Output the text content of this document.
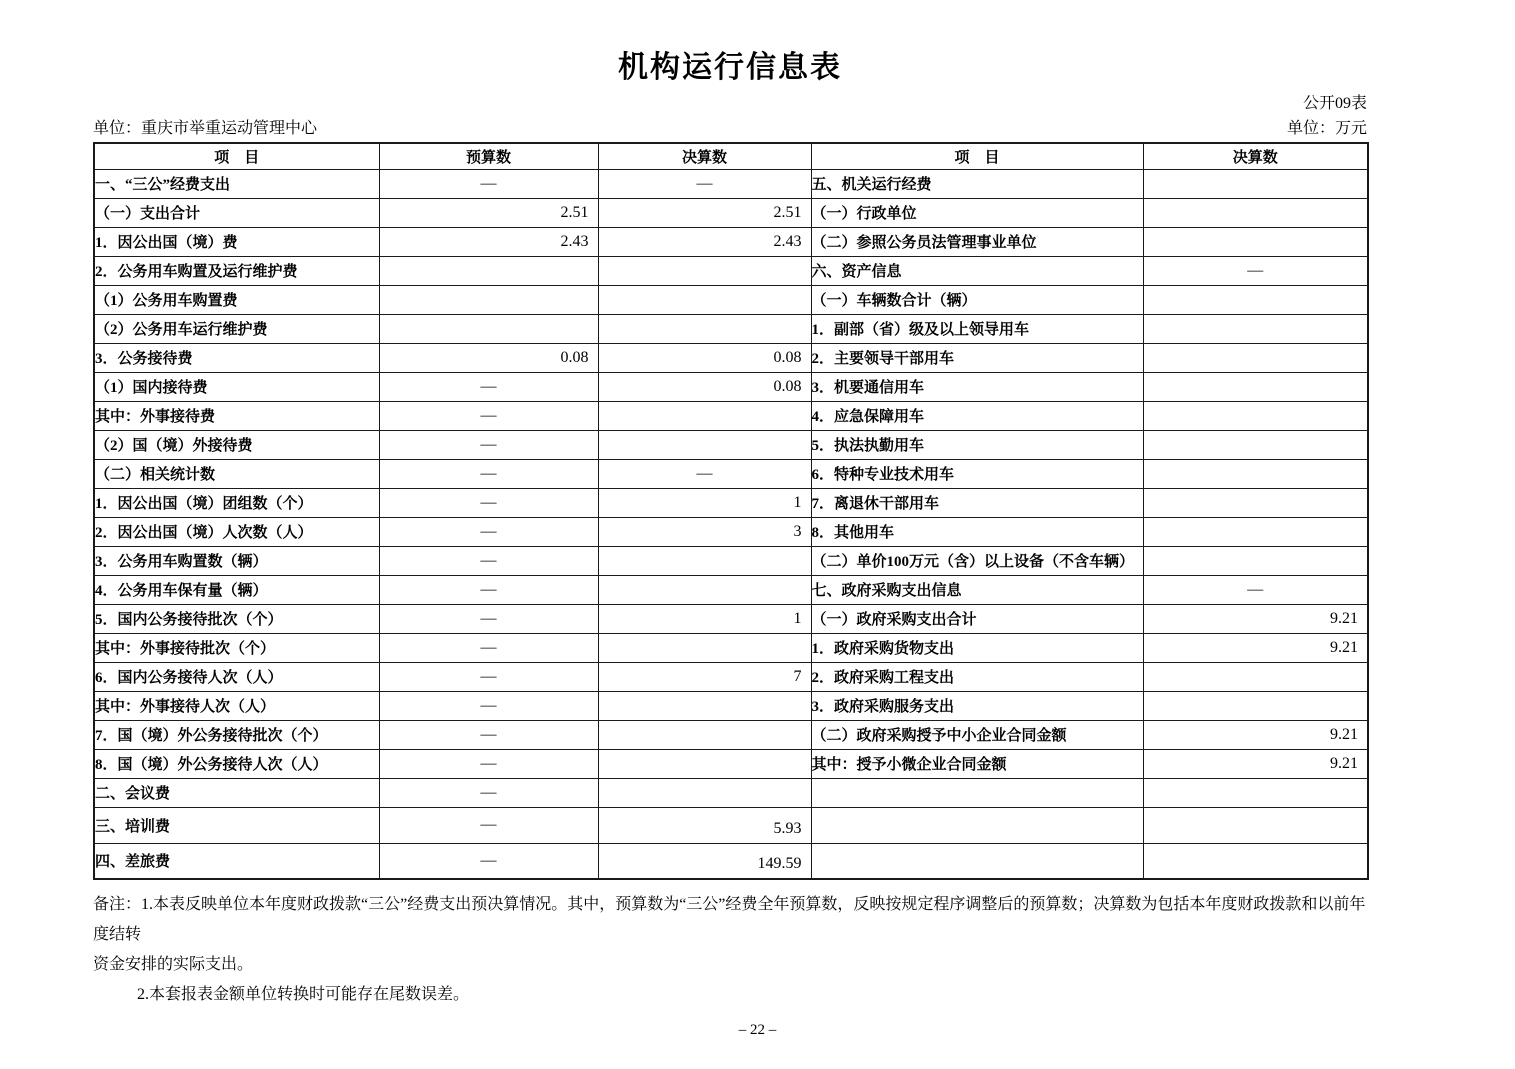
机构运行信息表
公开09表
单位：重庆市举重运动管理中心	单位：万元
项　目	预算数	决算数	项　目	决算数
一、“三公”经费支出	—	—	五、机关运行经费	
（一）支出合计	2.51	2.51	（一）行政单位	
1．因公出国（境）费	2.43	2.43	（二）参照公务员法管理事业单位	
2．公务用车购置及运行维护费			六、资产信息	—
（1）公务用车购置费			（一）车辆数合计（辆）	
（2）公务用车运行维护费			1．副部（省）级及以上领导用车	
3．公务接待费	0.08	0.08	2．主要领导干部用车	
（1）国内接待费	—	0.08	3．机要通信用车	
其中：外事接待费	—		4．应急保障用车	
（2）国（境）外接待费	—		5．执法执勤用车	
（二）相关统计数	—	—	6．特种专业技术用车	
1．因公出国（境）团组数（个）	—	1	7．离退休干部用车	
2．因公出国（境）人次数（人）	—	3	8．其他用车	
3．公务用车购置数（辆）	—		（二）单价100万元（含）以上设备（不含车辆）	
4．公务用车保有量（辆）	—		七、政府采购支出信息	—
5．国内公务接待批次（个）	—	1	（一）政府采购支出合计	9.21
其中：外事接待批次（个）	—		1．政府采购货物支出	9.21
6．国内公务接待人次（人）	—	7	2．政府采购工程支出	
其中：外事接待人次（人）	—		3．政府采购服务支出	
7．国（境）外公务接待批次（个）	—		（二）政府采购授予中小企业合同金额	9.21
8．国（境）外公务接待人次（人）	—		其中：授予小微企业合同金额	9.21
二、会议费	—			
三、培训费	—	5.93		
四、差旅费	—	149.59		
备注：1.本表反映单位本年度财政拨款“三公”经费支出预决算情况。其中，预算数为“三公”经费全年预算数，反映按规定程序调整后的预算数；决算数为包括本年度财政拨款和以前年度结转
资金安排的实际支出。
2.本套报表金额单位转换时可能存在尾数误差。
– 22 –
